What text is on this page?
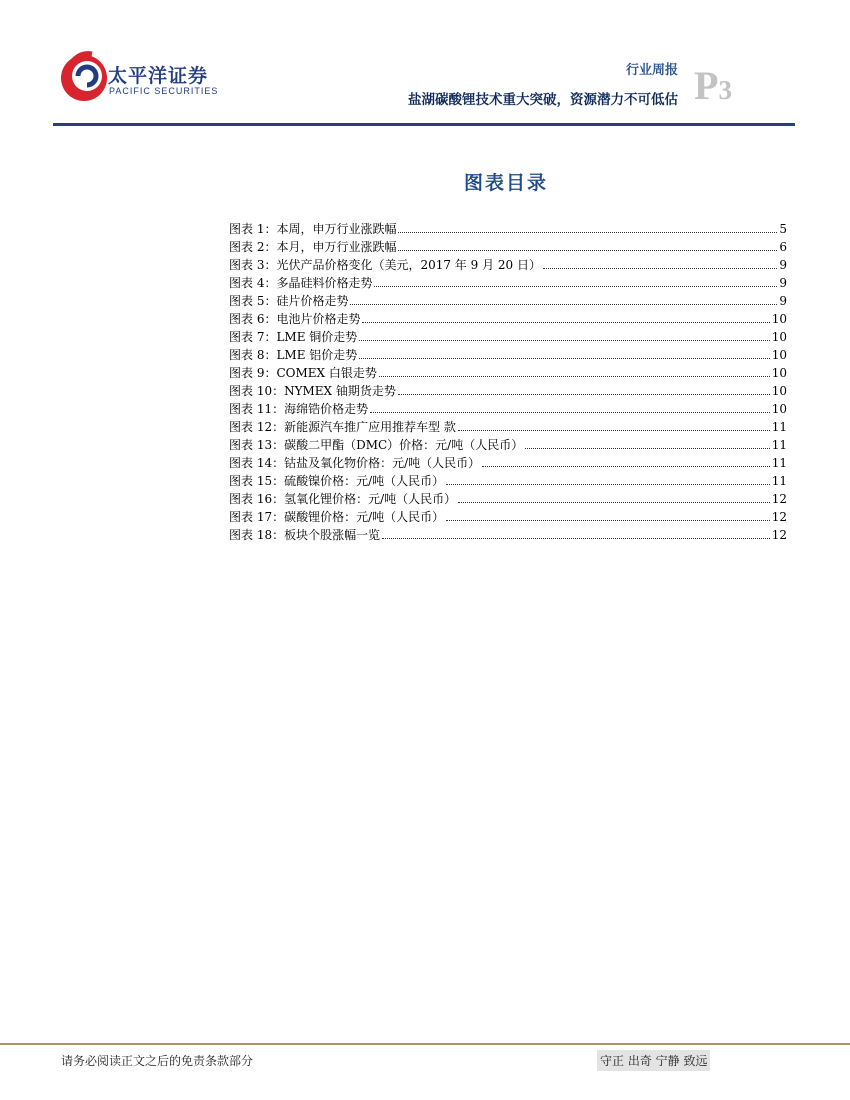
太平洋证券
PACIFIC SECURITIES
行业周报
盐湖碳酸锂技术重大突破，资源潜力不可低估 P3
图表目录
图表 1：本周，申万行业涨跌幅	5
图表 2：本月，申万行业涨跌幅	6
图表 3：光伏产品价格变化（美元，2017 年 9 月 20 日）	9
图表 4：多晶硅料价格走势	9
图表 5：硅片价格走势	9
图表 6：电池片价格走势	10
图表 7：LME 铜价走势	10
图表 8：LME 铝价走势	10
图表 9：COMEX 白银走势	10
图表 10：NYMEX 铀期货走势	10
图表 11：海绵锆价格走势	10
图表 12：新能源汽车推广应用推荐车型 款	11
图表 13：碳酸二甲酯（DMC）价格：元/吨（人民币）	11
图表 14：钴盐及氧化物价格：元/吨（人民币）	11
图表 15：硫酸镍价格：元/吨（人民币）	11
图表 16：氢氧化锂价格：元/吨（人民币）	12
图表 17：碳酸锂价格：元/吨（人民币）	12
图表 18：板块个股涨幅一览	12
请务必阅读正文之后的免责条款部分	守正 出奇 宁静 致远
